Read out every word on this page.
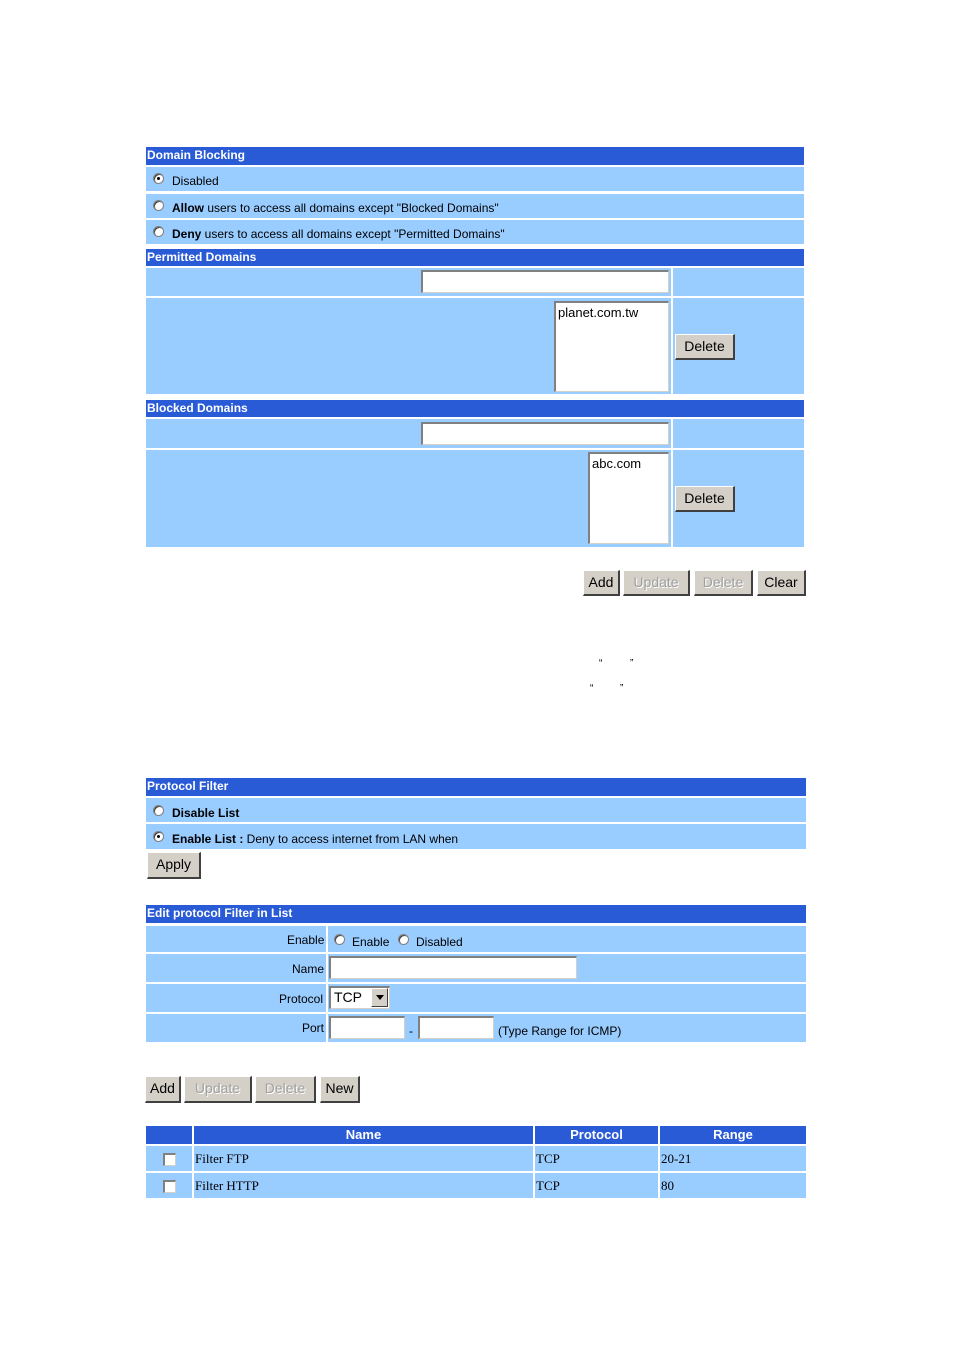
Domain Blocking
Disabled
Allow users to access all domains except "Blocked Domains"
Deny users to access all domains except "Permitted Domains"
Permitted Domains
planet.com.tw
Delete
Blocked Domains
abc.com
Delete
Add	Update	Delete	Clear
“	”
“	”
Protocol Filter
Disable List
Enable List : Deny to access internet from LAN when
Apply
Edit protocol Filter in List
Enable Enable Disabled
Name
Protocol TCP
Port	-	(Type Range for ICMP)
Add	Update	Delete	New
Name	Protocol	Range
Filter FTP	TCP	20-21
Filter HTTP	TCP	80
